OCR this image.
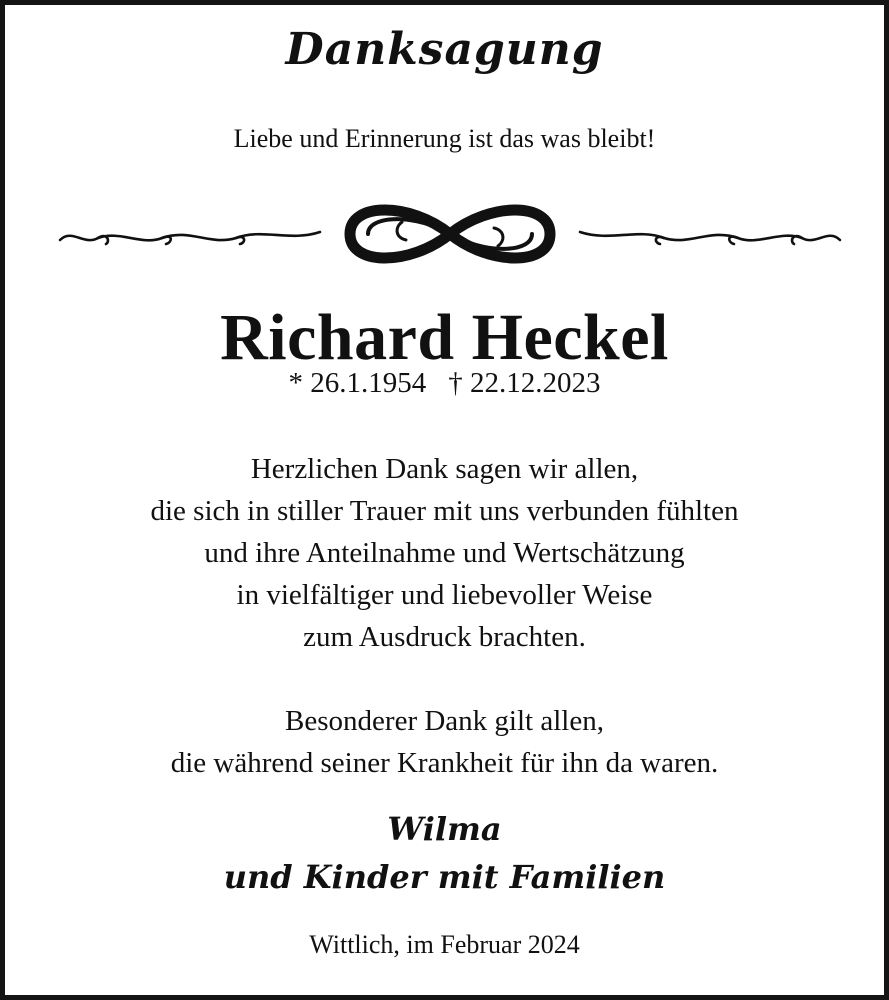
Danksagung
Liebe und Erinnerung ist das was bleibt!
Richard Heckel
* 26.1.1954 † 22.12.2023
Herzlichen Dank sagen wir allen,
die sich in stiller Trauer mit uns verbunden fühlten
und ihre Anteilnahme und Wertschätzung
in vielfältiger und liebevoller Weise
zum Ausdruck brachten.
Besonderer Dank gilt allen,
die während seiner Krankheit für ihn da waren.
Wilma
und Kinder mit Familien
Wittlich, im Februar 2024
